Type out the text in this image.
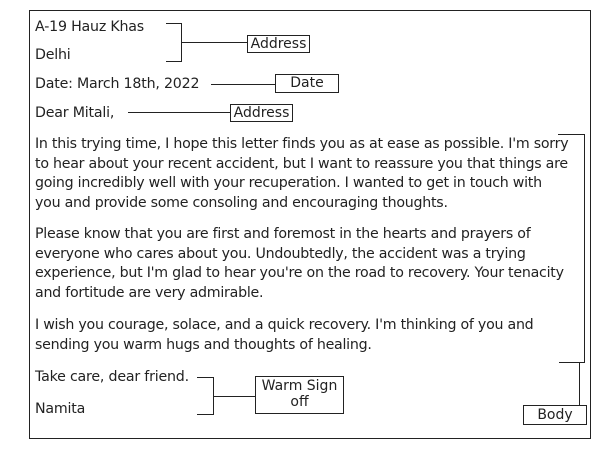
A-19 Hauz Khas
Delhi
Date: March 18th, 2022
Dear Mitali,
In this trying time, I hope this letter finds you as at ease as possible. I'm sorry
to hear about your recent accident, but I want to reassure you that things are
going incredibly well with your recuperation. I wanted to get in touch with
you and provide some consoling and encouraging thoughts.
Please know that you are first and foremost in the hearts and prayers of
everyone who cares about you. Undoubtedly, the accident was a trying
experience, but I'm glad to hear you're on the road to recovery. Your tenacity
and fortitude are very admirable.
I wish you courage, solace, and a quick recovery. I'm thinking of you and
sending you warm hugs and thoughts of healing.
Take care, dear friend.
Namita
Address
Date
Address
Body
Warm Sign
off
